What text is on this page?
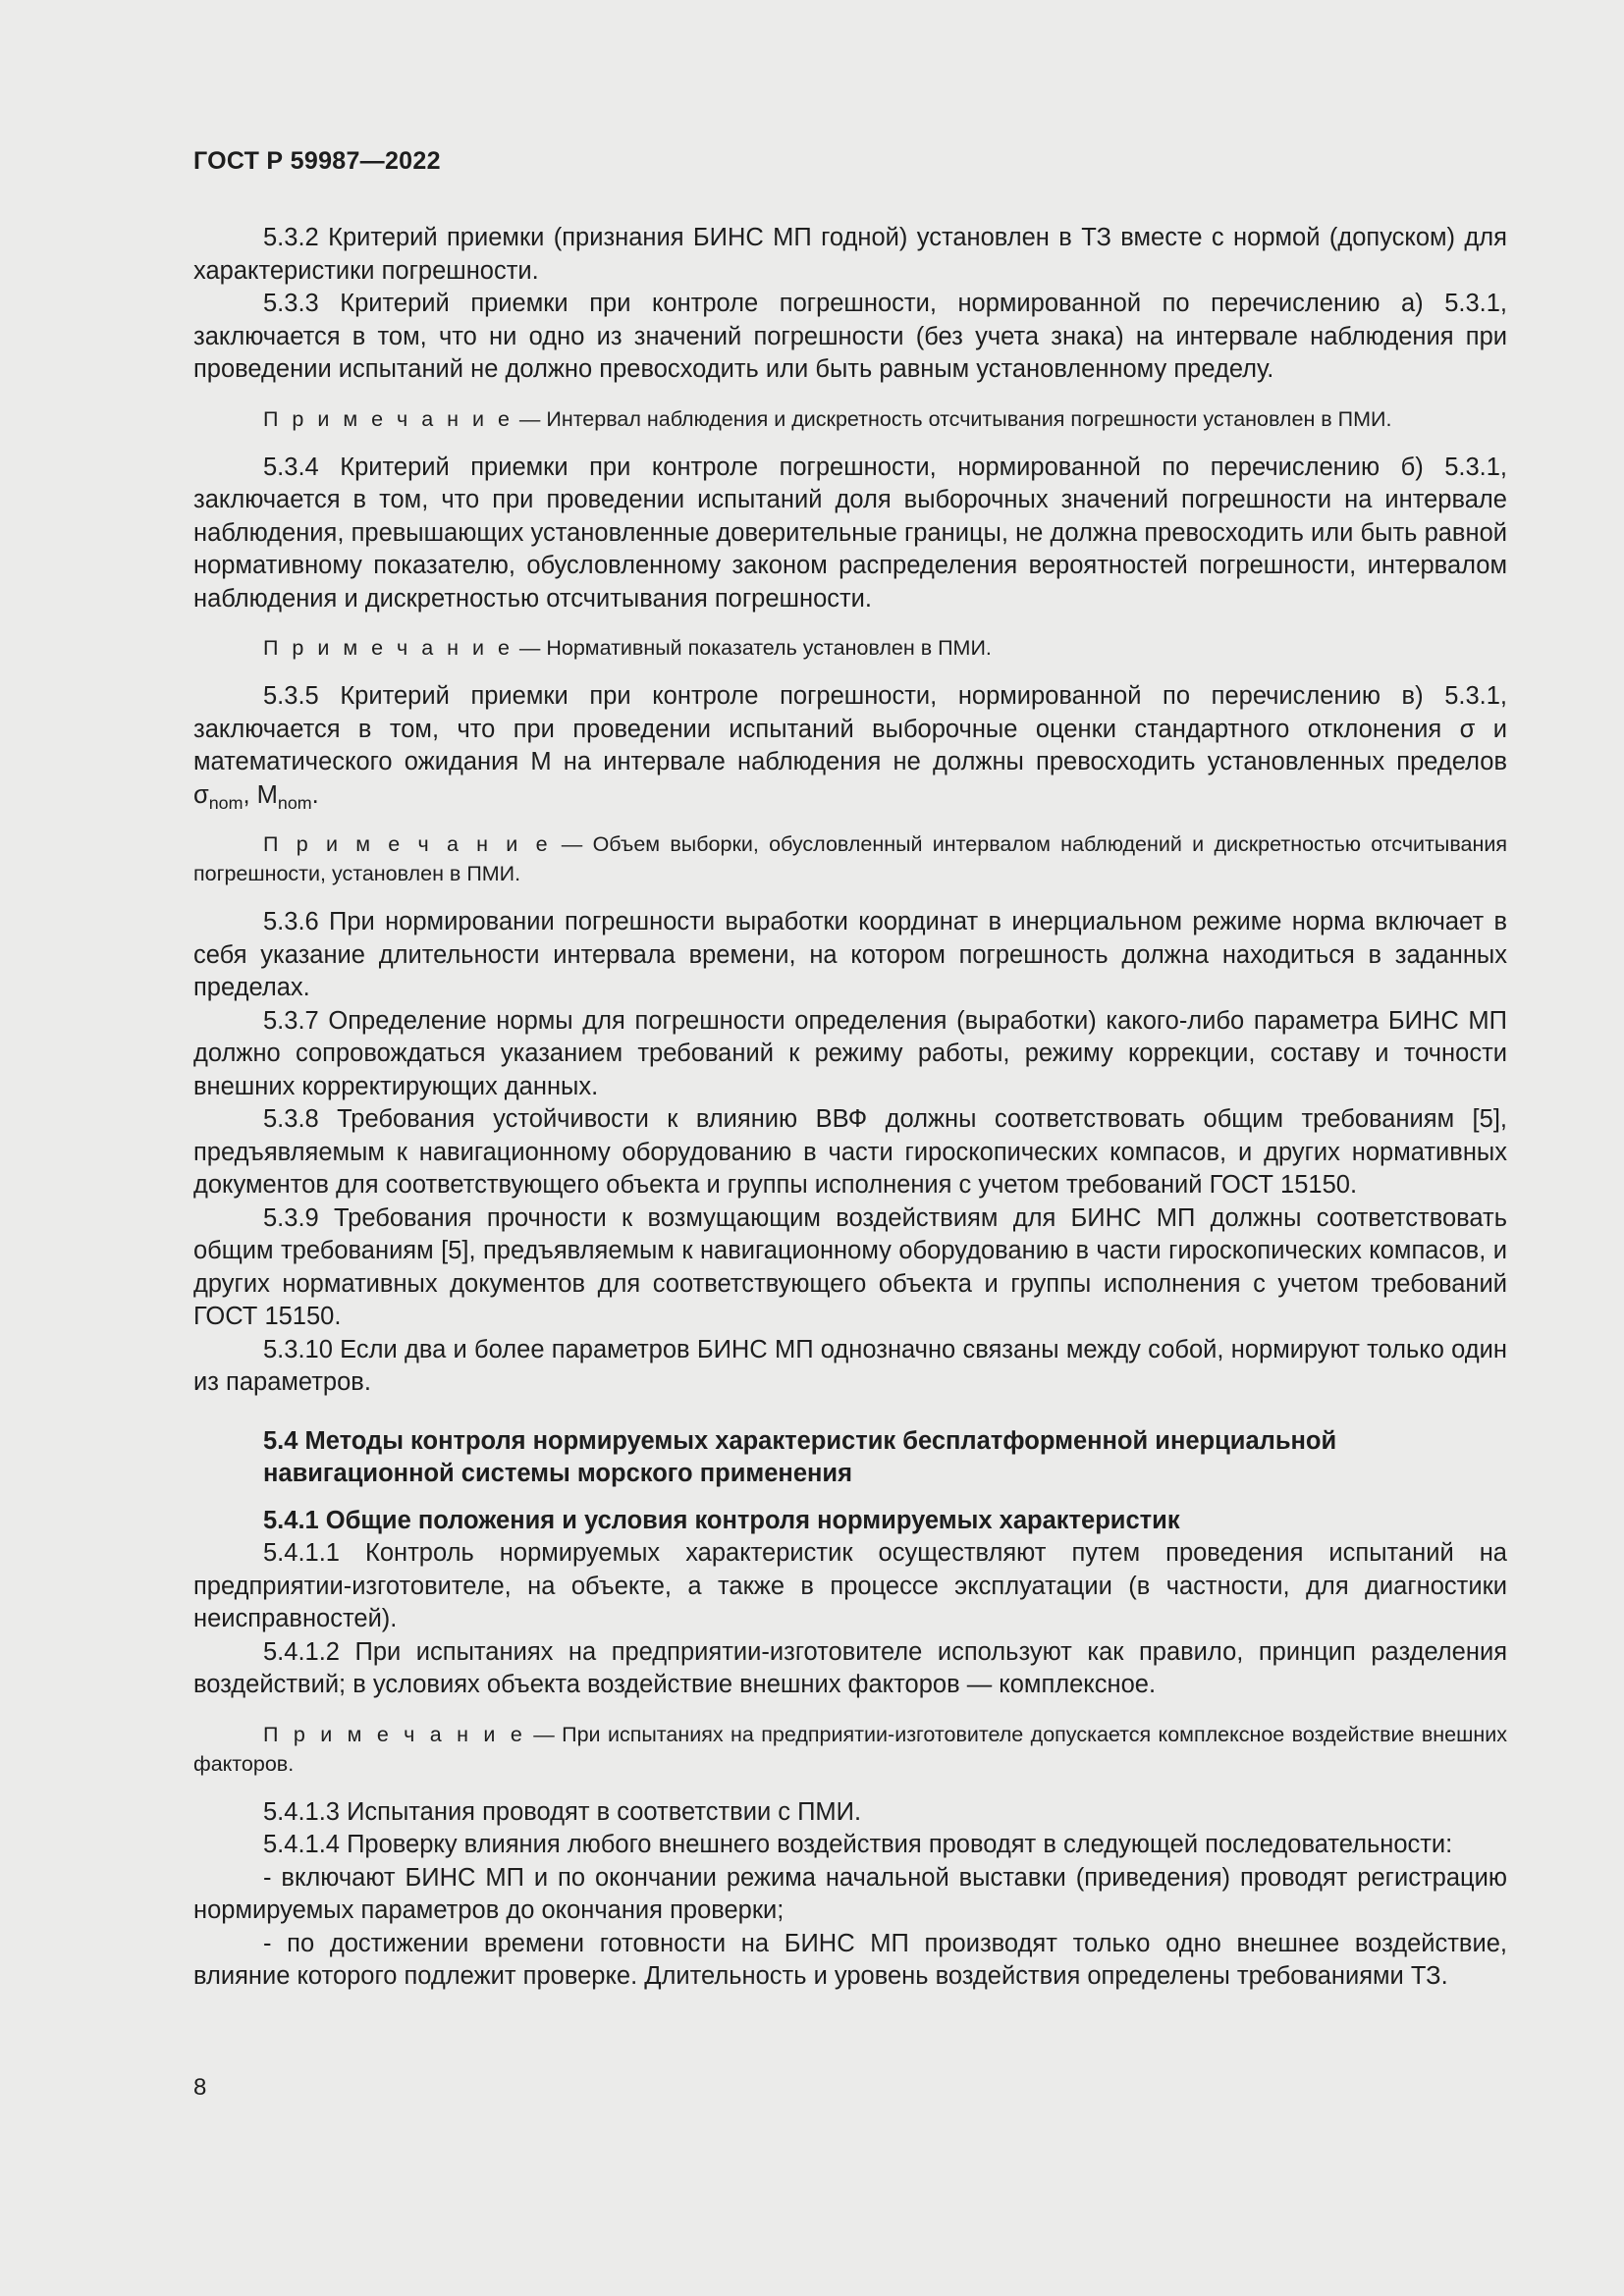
ГОСТ Р 59987—2022

5.3.2 Критерий приемки (признания БИНС МП годной) установлен в ТЗ вместе с нормой (допуском) для характеристики погрешности.

5.3.3 Критерий приемки при контроле погрешности, нормированной по перечислению а) 5.3.1, заключается в том, что ни одно из значений погрешности (без учета знака) на интервале наблюдения при проведении испытаний не должно превосходить или быть равным установленному пределу.

П р и м е ч а н и е — Интервал наблюдения и дискретность отсчитывания погрешности установлен в ПМИ.

5.3.4 Критерий приемки при контроле погрешности, нормированной по перечислению б) 5.3.1, заключается в том, что при проведении испытаний доля выборочных значений погрешности на интервале наблюдения, превышающих установленные доверительные границы, не должна превосходить или быть равной нормативному показателю, обусловленному законом распределения вероятностей погрешности, интервалом наблюдения и дискретностью отсчитывания погрешности.

П р и м е ч а н и е — Нормативный показатель установлен в ПМИ.

5.3.5 Критерий приемки при контроле погрешности, нормированной по перечислению в) 5.3.1, заключается в том, что при проведении испытаний выборочные оценки стандартного отклонения σ и математического ожидания M на интервале наблюдения не должны превосходить установленных пределов $\sigma_{nom}$, $M_{nom}$.

П р и м е ч а н и е — Объем выборки, обусловленный интервалом наблюдений и дискретностью отсчитывания погрешности, установлен в ПМИ.

5.3.6 При нормировании погрешности выработки координат в инерциальном режиме норма включает в себя указание длительности интервала времени, на котором погрешность должна находиться в заданных пределах.

5.3.7 Определение нормы для погрешности определения (выработки) какого-либо параметра БИНС МП должно сопровождаться указанием требований к режиму работы, режиму коррекции, составу и точности внешних корректирующих данных.

5.3.8 Требования устойчивости к влиянию ВВФ должны соответствовать общим требованиям [5], предъявляемым к навигационному оборудованию в части гироскопических компасов, и других нормативных документов для соответствующего объекта и группы исполнения с учетом требований ГОСТ 15150.

5.3.9 Требования прочности к возмущающим воздействиям для БИНС МП должны соответствовать общим требованиям [5], предъявляемым к навигационному оборудованию в части гироскопических компасов, и других нормативных документов для соответствующего объекта и группы исполнения с учетом требований ГОСТ 15150.

5.3.10 Если два и более параметров БИНС МП однозначно связаны между собой, нормируют только один из параметров.

5.4 Методы контроля нормируемых характеристик бесплатформенной инерциальной навигационной системы морского применения

5.4.1 Общие положения и условия контроля нормируемых характеристик

5.4.1.1 Контроль нормируемых характеристик осуществляют путем проведения испытаний на предприятии-изготовителе, на объекте, а также в процессе эксплуатации (в частности, для диагностики неисправностей).

5.4.1.2 При испытаниях на предприятии-изготовителе используют как правило, принцип разделения воздействий; в условиях объекта воздействие внешних факторов — комплексное.

П р и м е ч а н и е — При испытаниях на предприятии-изготовителе допускается комплексное воздействие внешних факторов.

5.4.1.3 Испытания проводят в соответствии с ПМИ.

5.4.1.4 Проверку влияния любого внешнего воздействия проводят в следующей последовательности:

- включают БИНС МП и по окончании режима начальной выставки (приведения) проводят регистрацию нормируемых параметров до окончания проверки;

- по достижении времени готовности на БИНС МП производят только одно внешнее воздействие, влияние которого подлежит проверке. Длительность и уровень воздействия определены требованиями ТЗ.

8
